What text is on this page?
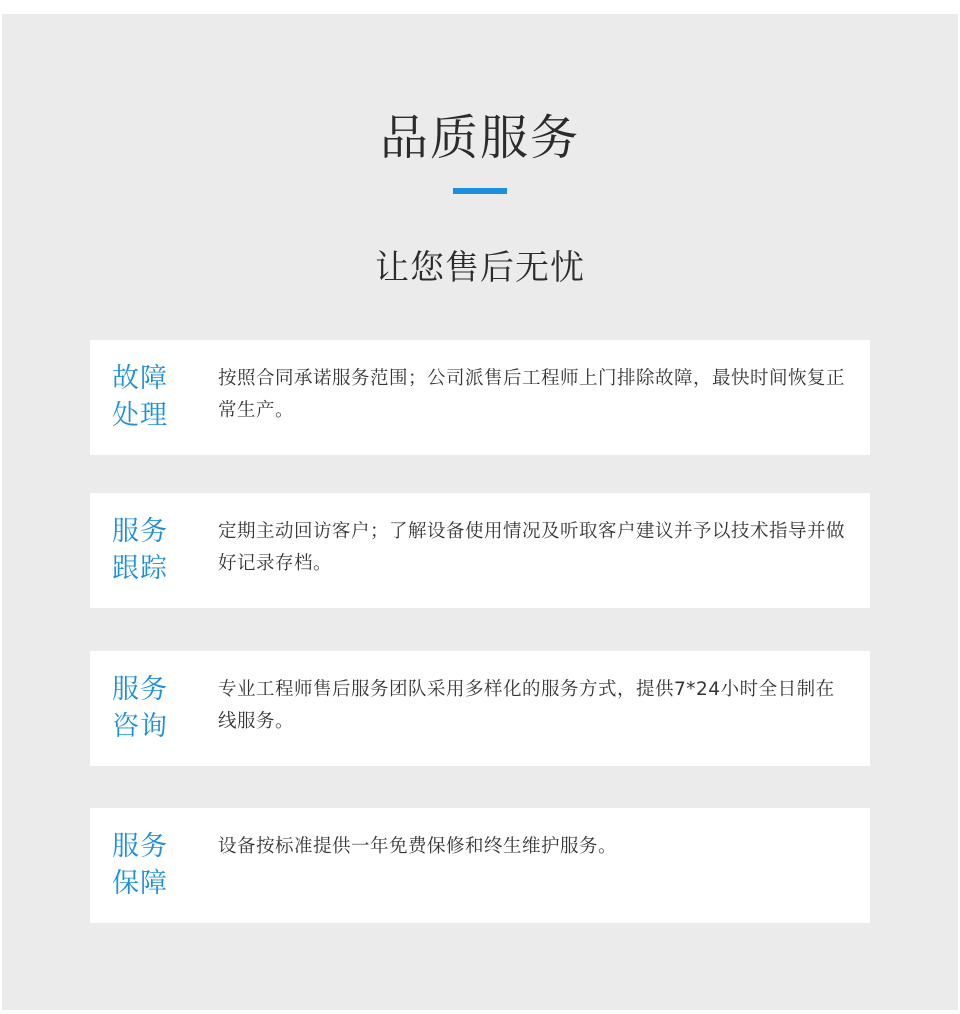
品质服务
让您售后无忧
故障
处理
按照合同承诺服务范围；公司派售后工程师上门排除故障，最快时间恢复正常生产。
服务
跟踪
定期主动回访客户；了解设备使用情况及听取客户建议并予以技术指导并做好记录存档。
服务
咨询
专业工程师售后服务团队采用多样化的服务方式，提供7*24小时全日制在线服务。
服务
保障
设备按标准提供一年免费保修和终生维护服务。
